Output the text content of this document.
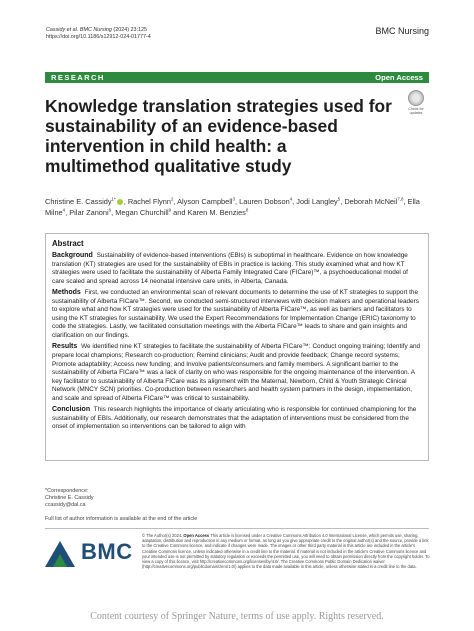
Cassidy et al. BMC Nursing (2024) 23:125
https://doi.org/10.1186/s12912-024-01777-4
BMC Nursing
RESEARCH	Open Access
Knowledge translation strategies used for sustainability of an evidence-based intervention in child health: a multimethod qualitative study
Check for updates
Christine E. Cassidy$^{1*}$ , Rachel Flynn$^2$, Alyson Campbell$^3$, Lauren Dobson$^4$, Jodi Langley$^5$, Deborah McNeil$^{7,8}$, Ella Milne$^4$, Pilar Zanoni$^6$, Megan Churchill$^9$ and Karen M. Benzies$^8$
Abstract

Background Sustainability of evidence-based interventions (EBIs) is suboptimal in healthcare. Evidence on how knowledge translation (KT) strategies are used for the sustainability of EBIs in practice is lacking. This study examined what and how KT strategies were used to facilitate the sustainability of Alberta Family Integrated Care (FICare)™, a psychoeducational model of care scaled and spread across 14 neonatal intensive care units, in Alberta, Canada.

Methods First, we conducted an environmental scan of relevant documents to determine the use of KT strategies to support the sustainability of Alberta FICare™. Second, we conducted semi-structured interviews with decision makers and operational leaders to explore what and how KT strategies were used for the sustainability of Alberta FICare™, as well as barriers and facilitators to using the KT strategies for sustainability. We used the Expert Recommendations for Implementation Change (ERIC) taxonomy to code the strategies. Lastly, we facilitated consultation meetings with the Alberta FICare™ leads to share and gain insights and clarification on our findings.

Results We identified nine KT strategies to facilitate the sustainability of Alberta FICare™: Conduct ongoing training; Identify and prepare local champions; Research co-production; Remind clinicians; Audit and provide feedback; Change record systems; Promote adaptability; Access new funding; and Involve patients/consumers and family members. A significant barrier to the sustainability of Alberta FICare™ was a lack of clarity on who was responsible for the ongoing maintenance of the intervention. A key facilitator to sustainability of Alberta FICare was its alignment with the Maternal, Newborn, Child & Youth Strategic Clinical Network (MNCY SCN) priorities. Co-production between researchers and health system partners in the design, implementation, and scale and spread of Alberta FICare™ was critical to sustainability.

Conclusion This research highlights the importance of clearly articulating who is responsible for continued championing for the sustainability of EBIs. Additionally, our research demonstrates that the adaptation of interventions must be considered from the onset of implementation so interventions can be tailored to align with

*Correspondence:
Christine E. Cassidy
ccassidy@dal.ca
Full list of author information is available at the end of the article
BMC
© The Author(s) 2024. Open Access This article is licensed under a Creative Commons Attribution 4.0 International License, which permits use, sharing, adaptation, distribution and reproduction in any medium or format, as long as you give appropriate credit to the original author(s) and the source, provide a link to the Creative Commons licence, and indicate if changes were made. The images or other third party material in this article are included in the article's Creative Commons licence, unless indicated otherwise in a credit line to the material. If material is not included in the article's Creative Commons licence and your intended use is not permitted by statutory regulation or exceeds the permitted use, you will need to obtain permission directly from the copyright holder. To view a copy of this licence, visit http://creativecommons.org/licenses/by/4.0/. The Creative Commons Public Domain Dedication waiver (http://creativecommons.org/publicdomain/zero/1.0/) applies to the data made available in this article, unless otherwise stated in a credit line to the data.
Content courtesy of Springer Nature, terms of use apply. Rights reserved.
